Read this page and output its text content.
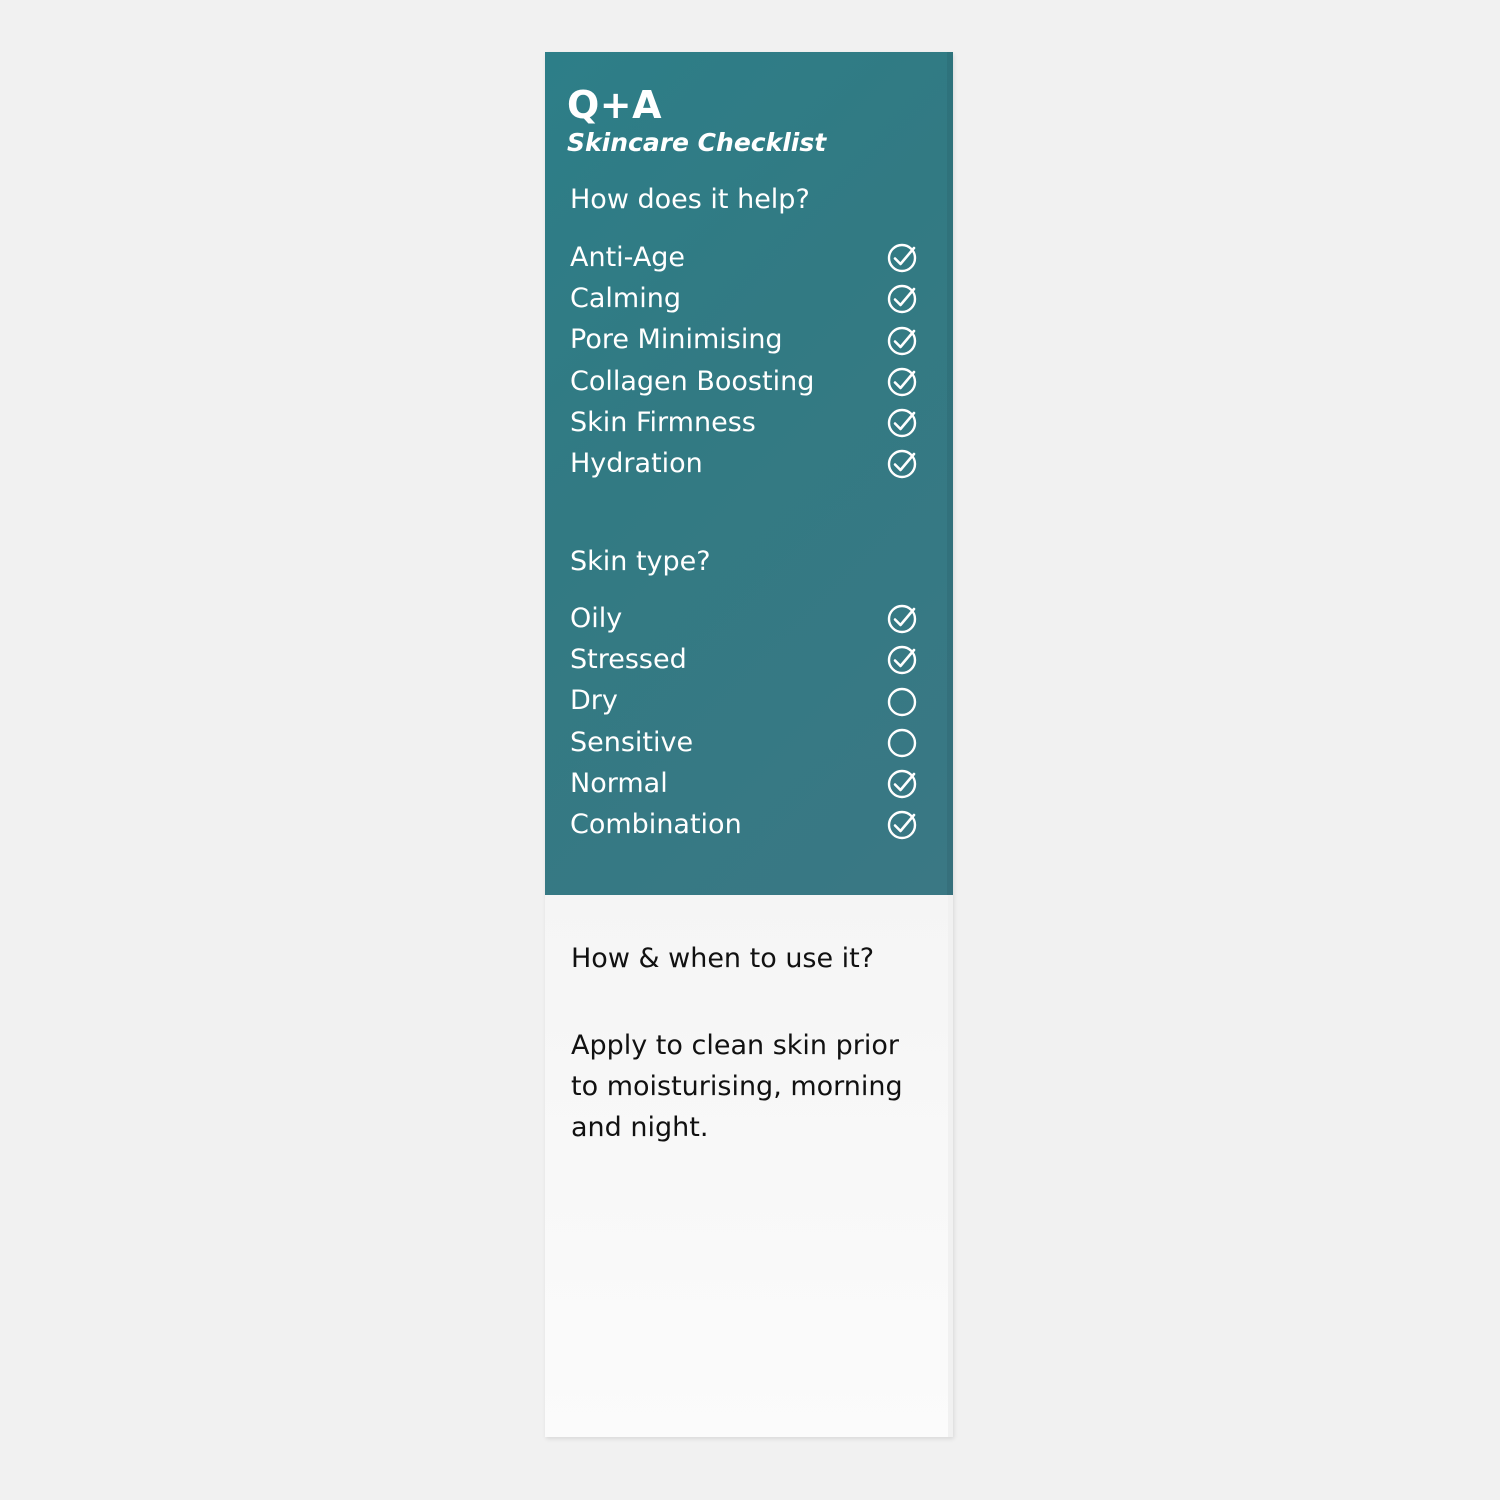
Q+A
Skincare Checklist
How does it help?
Anti-Age
Calming
Pore Minimising
Collagen Boosting
Skin Firmness
Hydration
Skin type?
Oily
Stressed
Dry
Sensitive
Normal
Combination
How & when to use it?
Apply to clean skin prior to moisturising, morning and night.
